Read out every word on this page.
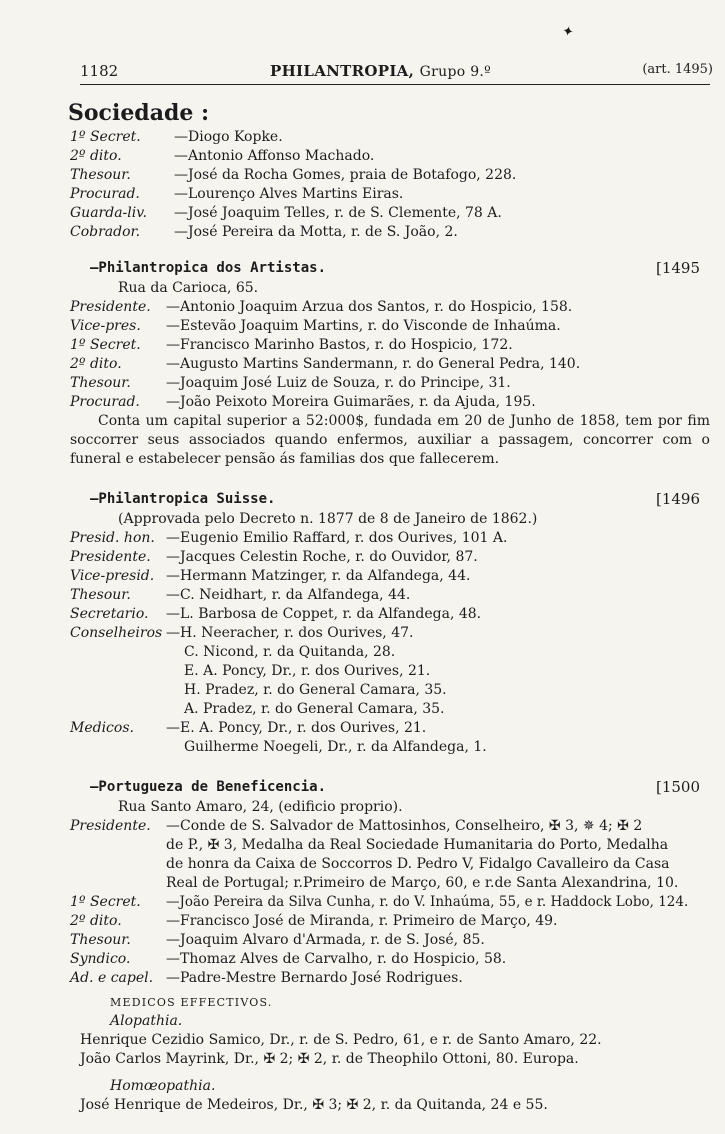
✦
1182	PHILANTROPIA, Grupo 9.º	(art. 1495)
Sociedade :
1º Secret. —Diogo Kopke.
2º dito.	—Antonio Affonso Machado.
Thesour.	—José da Rocha Gomes, praia de Botafogo, 228.
Procurad. —Lourenço Alves Martins Eiras.
Guarda-liv. —José Joaquim Telles, r. de S. Clemente, 78 A.
Cobrador. —José Pereira da Motta, r. de S. João, 2.
—Philantropica dos Artistas.	[1495
Rua da Carioca, 65.
Presidente. —Antonio Joaquim Arzua dos Santos, r. do Hospicio, 158.
Vice-pres. —Estevão Joaquim Martins, r. do Visconde de Inhaúma.
1º Secret. —Francisco Marinho Bastos, r. do Hospicio, 172.
2º dito.	—Augusto Martins Sandermann, r. do General Pedra, 140.
Thesour.	—Joaquim José Luiz de Souza, r. do Principe, 31.
Procurad. —João Peixoto Moreira Guimarães, r. da Ajuda, 195.
Conta um capital superior a 52:000$, fundada em 20 de Junho de 1858, tem por fim soccorrer seus associados quando enfermos, auxiliar a passagem, concorrer com o funeral e estabelecer pensão ás familias dos que fallecerem.
—Philantropica Suisse.	[1496
(Approvada pelo Decreto n. 1877 de 8 de Janeiro de 1862.)
Presid. hon. —Eugenio Emilio Raffard, r. dos Ourives, 101 A.
Presidente. —Jacques Celestin Roche, r. do Ouvidor, 87.
Vice-presid. —Hermann Matzinger, r. da Alfandega, 44.
Thesour.	—C. Neidhart, r. da Alfandega, 44.
Secretario. —L. Barbosa de Coppet, r. da Alfandega, 48.
Conselheiros —H. Neeracher, r. dos Ourives, 47.
C. Nicond, r. da Quitanda, 28.
E. A. Poncy, Dr., r. dos Ourives, 21.
H. Pradez, r. do General Camara, 35.
A. Pradez, r. do General Camara, 35.
Medicos. —E. A. Poncy, Dr., r. dos Ourives, 21.
Guilherme Noegeli, Dr., r. da Alfandega, 1.
—Portugueza de Beneficencia.	[1500
Rua Santo Amaro, 24, (edificio proprio).
Presidente. —Conde de S. Salvador de Mattosinhos, Conselheiro, ✠ 3, ✵ 4; ✠ 2
de P., ✠ 3, Medalha da Real Sociedade Humanitaria do Porto, Medalha
de honra da Caixa de Soccorros D. Pedro V, Fidalgo Cavalleiro da Casa
Real de Portugal; r.Primeiro de Março, 60, e r.de Santa Alexandrina, 10.
1º Secret. —João Pereira da Silva Cunha, r. do V. Inhaúma, 55, e r. Haddock Lobo, 124.
2º dito.	—Francisco José de Miranda, r. Primeiro de Março, 49.
Thesour.	—Joaquim Alvaro d'Armada, r. de S. José, 85.
Syndico.	—Thomaz Alves de Carvalho, r. do Hospicio, 58.
Ad. e capel. —Padre-Mestre Bernardo José Rodrigues.
MEDICOS EFFECTIVOS.
Alopathia.
Henrique Cezidio Samico, Dr., r. de S. Pedro, 61, e r. de Santo Amaro, 22.
João Carlos Mayrink, Dr., ✠ 2; ✠ 2, r. de Theophilo Ottoni, 80. Europa.
Homœopathia.
José Henrique de Medeiros, Dr., ✠ 3; ✠ 2, r. da Quitanda, 24 e 55.
